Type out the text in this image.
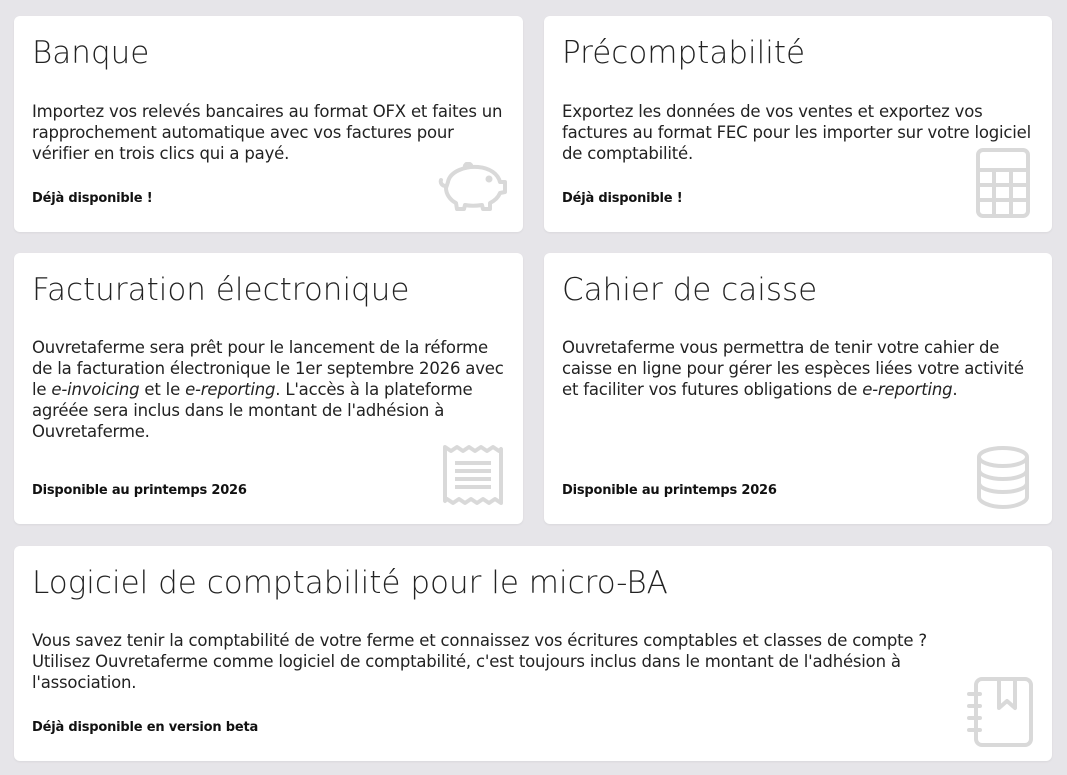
Banque

Importez vos relevés bancaires au format OFX et faites un rapprochement automatique avec vos factures pour vérifier en trois clics qui a payé.

Déjà disponible !
Précomptabilité

Exportez les données de vos ventes et exportez vos factures au format FEC pour les importer sur votre logiciel de comptabilité.

Déjà disponible !
Facturation électronique

Ouvretaferme sera prêt pour le lancement de la réforme de la facturation électronique le 1er septembre 2026 avec le e-invoicing et le e-reporting. L'accès à la plateforme agréée sera inclus dans le montant de l'adhésion à Ouvretaferme.

Disponible au printemps 2026
Cahier de caisse

Ouvretaferme vous permettra de tenir votre cahier de caisse en ligne pour gérer les espèces liées votre activité et faciliter vos futures obligations de e-reporting.

Disponible au printemps 2026
Logiciel de comptabilité pour le micro-BA

Vous savez tenir la comptabilité de votre ferme et connaissez vos écritures comptables et classes de compte ?
Utilisez Ouvretaferme comme logiciel de comptabilité, c'est toujours inclus dans le montant de l'adhésion à l'association.

Déjà disponible en version beta
